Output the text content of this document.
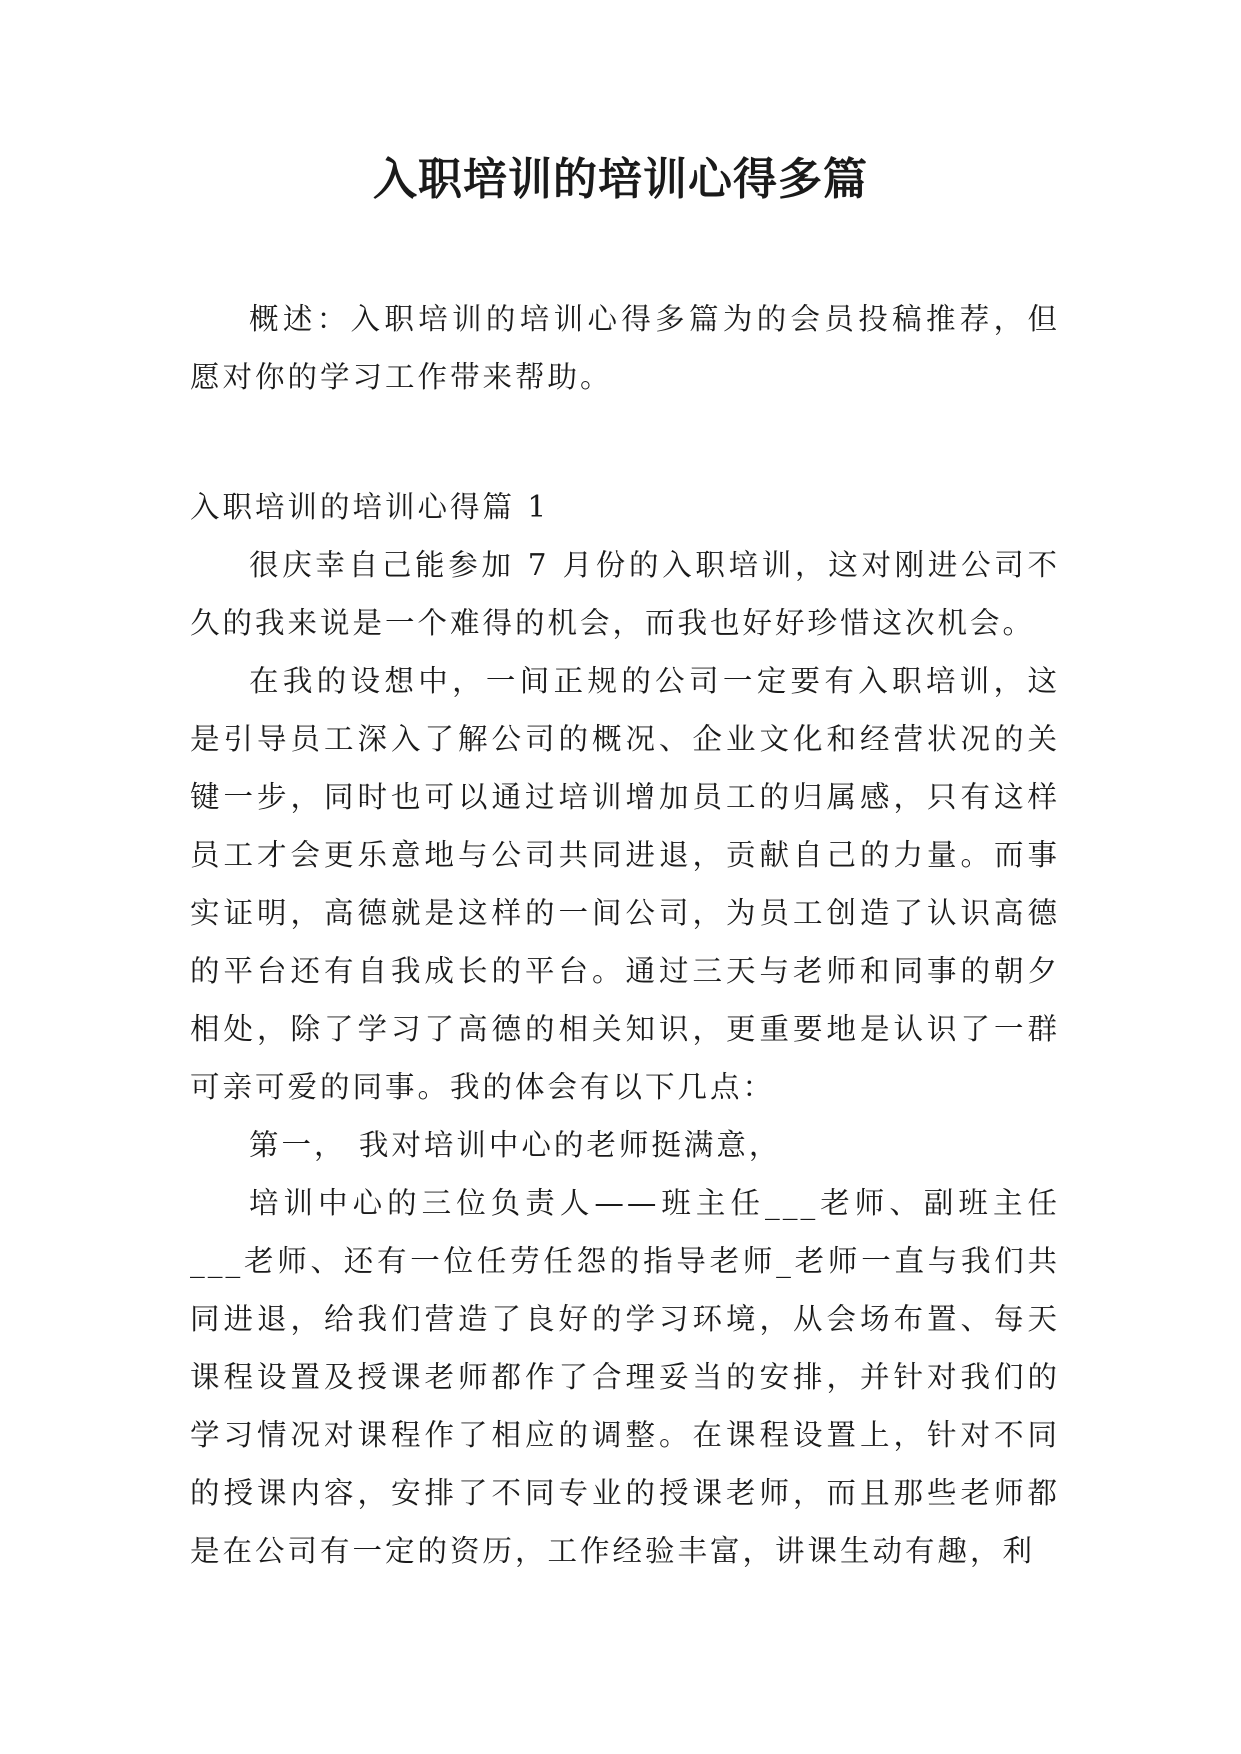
入职培训的培训心得多篇

概述：入职培训的培训心得多篇为的会员投稿推荐，但愿对你的学习工作带来帮助。

入职培训的培训心得篇 1

很庆幸自己能参加 7 月份的入职培训，这对刚进公司不久的我来说是一个难得的机会，而我也好好珍惜这次机会。

在我的设想中，一间正规的公司一定要有入职培训，这是引导员工深入了解公司的概况、企业文化和经营状况的关键一步，同时也可以通过培训增加员工的归属感，只有这样员工才会更乐意地与公司共同进退，贡献自己的力量。而事实证明，高德就是这样的一间公司，为员工创造了认识高德的平台还有自我成长的平台。通过三天与老师和同事的朝夕相处，除了学习了高德的相关知识，更重要地是认识了一群可亲可爱的同事。我的体会有以下几点：

第一， 我对培训中心的老师挺满意，

培训中心的三位负责人——班主任___老师、副班主任___老师、还有一位任劳任怨的指导老师_老师一直与我们共同进退，给我们营造了良好的学习环境，从会场布置、每天课程设置及授课老师都作了合理妥当的安排，并针对我们的学习情况对课程作了相应的调整。在课程设置上，针对不同的授课内容，安排了不同专业的授课老师，而且那些老师都是在公司有一定的资历，工作经验丰富，讲课生动有趣，利
